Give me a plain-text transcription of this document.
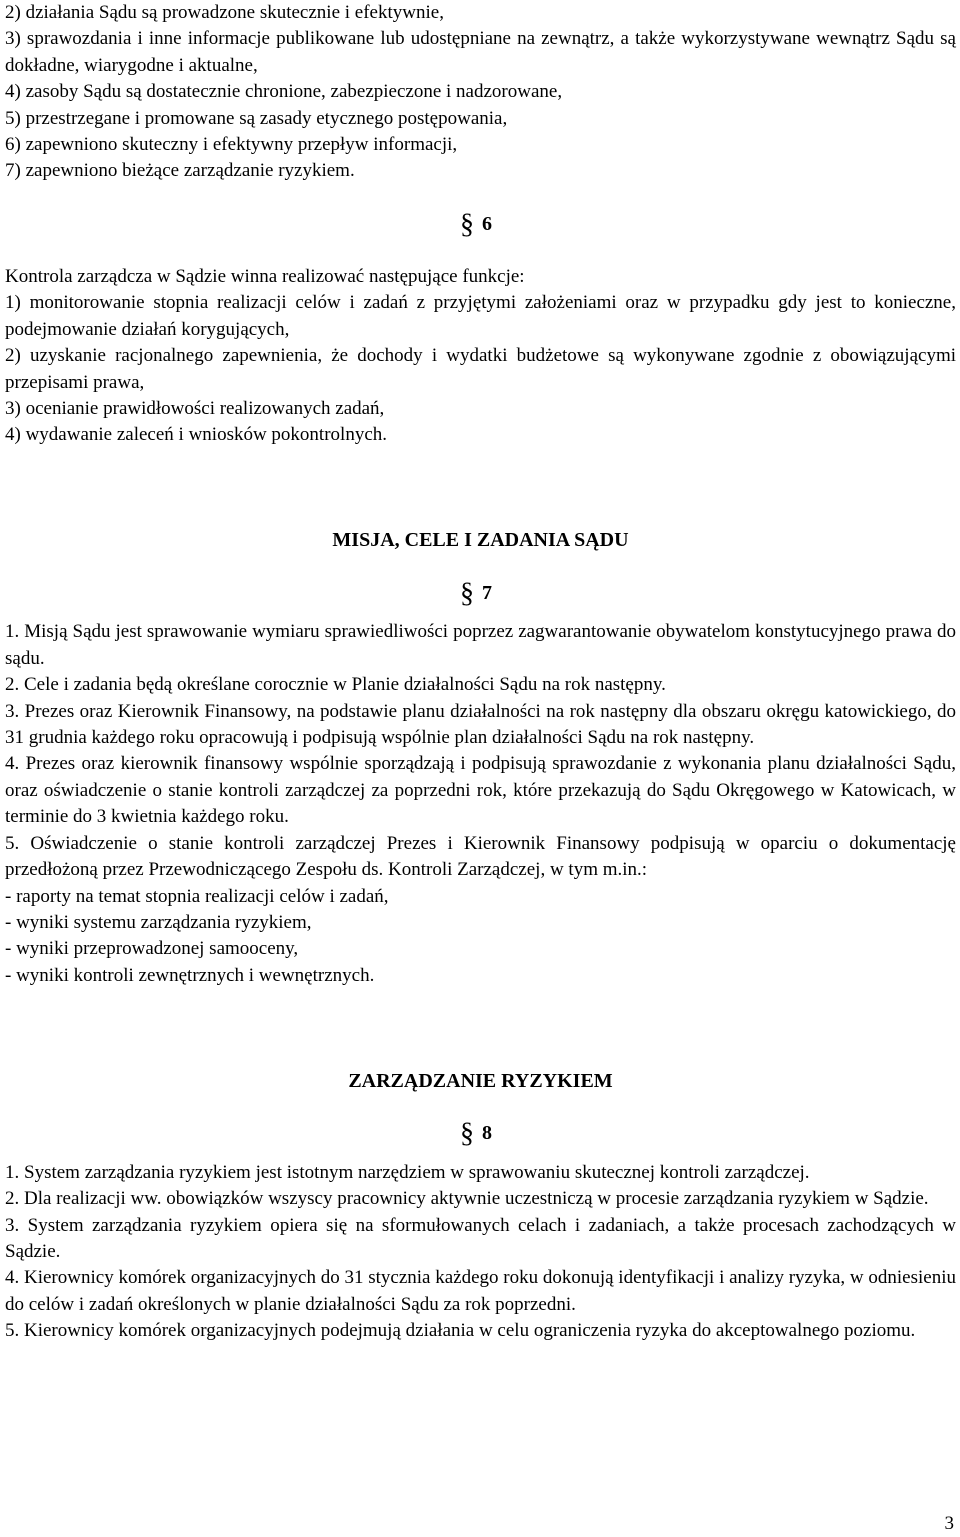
2) działania Sądu są prowadzone skutecznie i efektywnie,

3) sprawozdania i inne informacje publikowane lub udostępniane na zewnątrz, a także wykorzystywane wewnątrz Sądu są dokładne, wiarygodne i aktualne,

4) zasoby Sądu są dostatecznie chronione, zabezpieczone i nadzorowane,

5) przestrzegane i promowane są zasady etycznego postępowania,

6) zapewniono skuteczny i efektywny przepływ informacji,

7) zapewniono bieżące zarządzanie ryzykiem.

§ 6

Kontrola zarządcza w Sądzie winna realizować następujące funkcje:

1) monitorowanie stopnia realizacji celów i zadań z przyjętymi założeniami oraz w przypadku gdy jest to konieczne, podejmowanie działań korygujących,

2) uzyskanie racjonalnego zapewnienia, że dochody i wydatki budżetowe są wykonywane zgodnie z obowiązującymi przepisami prawa,

3) ocenianie prawidłowości realizowanych zadań,

4) wydawanie zaleceń i wniosków pokontrolnych.

MISJA, CELE I ZADANIA SĄDU

§ 7

1. Misją Sądu jest sprawowanie wymiaru sprawiedliwości poprzez zagwarantowanie obywatelom konstytucyjnego prawa do sądu.

2. Cele i zadania będą określane corocznie w Planie działalności Sądu na rok następny.

3. Prezes oraz Kierownik Finansowy, na podstawie planu działalności na rok następny dla obszaru okręgu katowickiego, do 31 grudnia każdego roku opracowują i podpisują wspólnie plan działalności Sądu na rok następny.

4. Prezes oraz kierownik finansowy wspólnie sporządzają i podpisują sprawozdanie z wykonania planu działalności Sądu, oraz oświadczenie o stanie kontroli zarządczej za poprzedni rok, które przekazują do Sądu Okręgowego w Katowicach, w terminie do 3 kwietnia każdego roku.

5. Oświadczenie o stanie kontroli zarządczej Prezes i Kierownik Finansowy podpisują w oparciu o dokumentację przedłożoną przez Przewodniczącego Zespołu ds. Kontroli Zarządczej, w tym m.in.:

- raporty na temat stopnia realizacji celów i zadań,

- wyniki systemu zarządzania ryzykiem,

- wyniki przeprowadzonej samooceny,

- wyniki kontroli zewnętrznych i wewnętrznych.

ZARZĄDZANIE RYZYKIEM

§ 8

1. System zarządzania ryzykiem jest istotnym narzędziem w sprawowaniu skutecznej kontroli zarządczej.

2. Dla realizacji ww. obowiązków wszyscy pracownicy aktywnie uczestniczą w procesie zarządzania ryzykiem w Sądzie.

3. System zarządzania ryzykiem opiera się na sformułowanych celach i zadaniach, a także procesach zachodzących w Sądzie.

4. Kierownicy komórek organizacyjnych do 31 stycznia każdego roku dokonują identyfikacji i analizy ryzyka, w odniesieniu do celów i zadań określonych w planie działalności Sądu za rok poprzedni.

5. Kierownicy komórek organizacyjnych podejmują działania w celu ograniczenia ryzyka do akceptowalnego poziomu.

3
